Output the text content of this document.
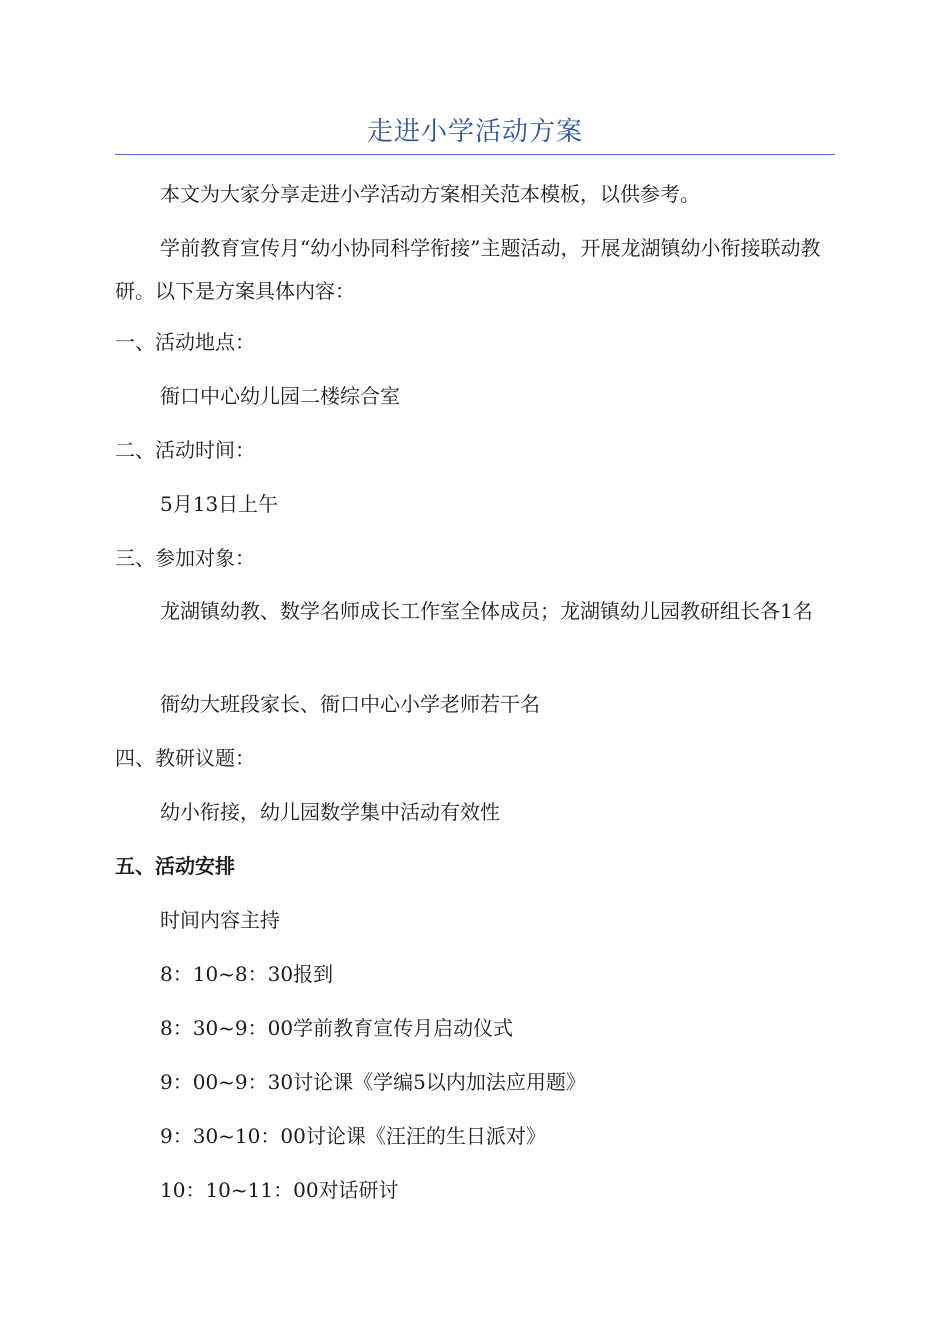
走进小学活动方案
本文为大家分享走进小学活动方案相关范本模板，以供参考。
学前教育宣传月“幼小协同科学衔接”主题活动，开展龙湖镇幼小衔接联动教研。以下是方案具体内容：
一、活动地点：
衙口中心幼儿园二楼综合室
二、活动时间：
5月13日上午
三、参加对象：
龙湖镇幼教、数学名师成长工作室全体成员；龙湖镇幼儿园教研组长各1名
衙幼大班段家长、衙口中心小学老师若干名
四、教研议题：
幼小衔接，幼儿园数学集中活动有效性
五、活动安排
时间内容主持
8：10~8：30报到
8：30~9：00学前教育宣传月启动仪式
9：00~9：30讨论课《学编5以内加法应用题》
9：30~10：00讨论课《汪汪的生日派对》
10：10~11：00对话研讨
